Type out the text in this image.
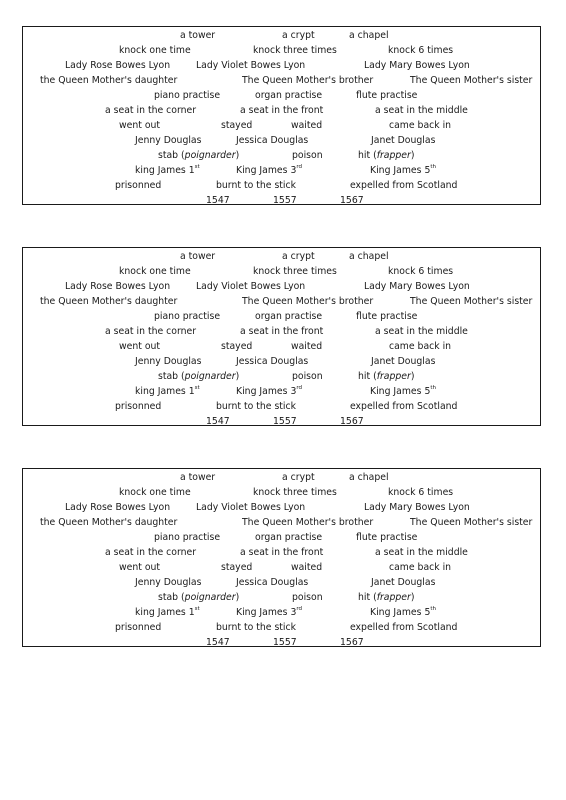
a tower	a crypt	a chapel
knock one time	knock three times	knock 6 times
Lady Rose Bowes Lyon	Lady Violet Bowes Lyon	Lady Mary Bowes Lyon
the Queen Mother's daughter	The Queen Mother's brother	The Queen Mother's sister
piano practise	organ practise	flute practise
a seat in the corner	a seat in the front	a seat in the middle
went out	stayed	waited	came back in
Jenny Douglas	Jessica Douglas	Janet Douglas
stab (poignarder)	poison	hit (frapper)
king James 1st	King James 3rd	King James 5th
prisonned	burnt to the stick	expelled from Scotland
1547	1557	1567
a tower	a crypt	a chapel
knock one time	knock three times	knock 6 times
Lady Rose Bowes Lyon	Lady Violet Bowes Lyon	Lady Mary Bowes Lyon
the Queen Mother's daughter	The Queen Mother's brother	The Queen Mother's sister
piano practise	organ practise	flute practise
a seat in the corner	a seat in the front	a seat in the middle
went out	stayed	waited	came back in
Jenny Douglas	Jessica Douglas	Janet Douglas
stab (poignarder)	poison	hit (frapper)
king James 1st	King James 3rd	King James 5th
prisonned	burnt to the stick	expelled from Scotland
1547	1557	1567
a tower	a crypt	a chapel
knock one time	knock three times	knock 6 times
Lady Rose Bowes Lyon	Lady Violet Bowes Lyon	Lady Mary Bowes Lyon
the Queen Mother's daughter	The Queen Mother's brother	The Queen Mother's sister
piano practise	organ practise	flute practise
a seat in the corner	a seat in the front	a seat in the middle
went out	stayed	waited	came back in
Jenny Douglas	Jessica Douglas	Janet Douglas
stab (poignarder)	poison	hit (frapper)
king James 1st	King James 3rd	King James 5th
prisonned	burnt to the stick	expelled from Scotland
1547	1557	1567
